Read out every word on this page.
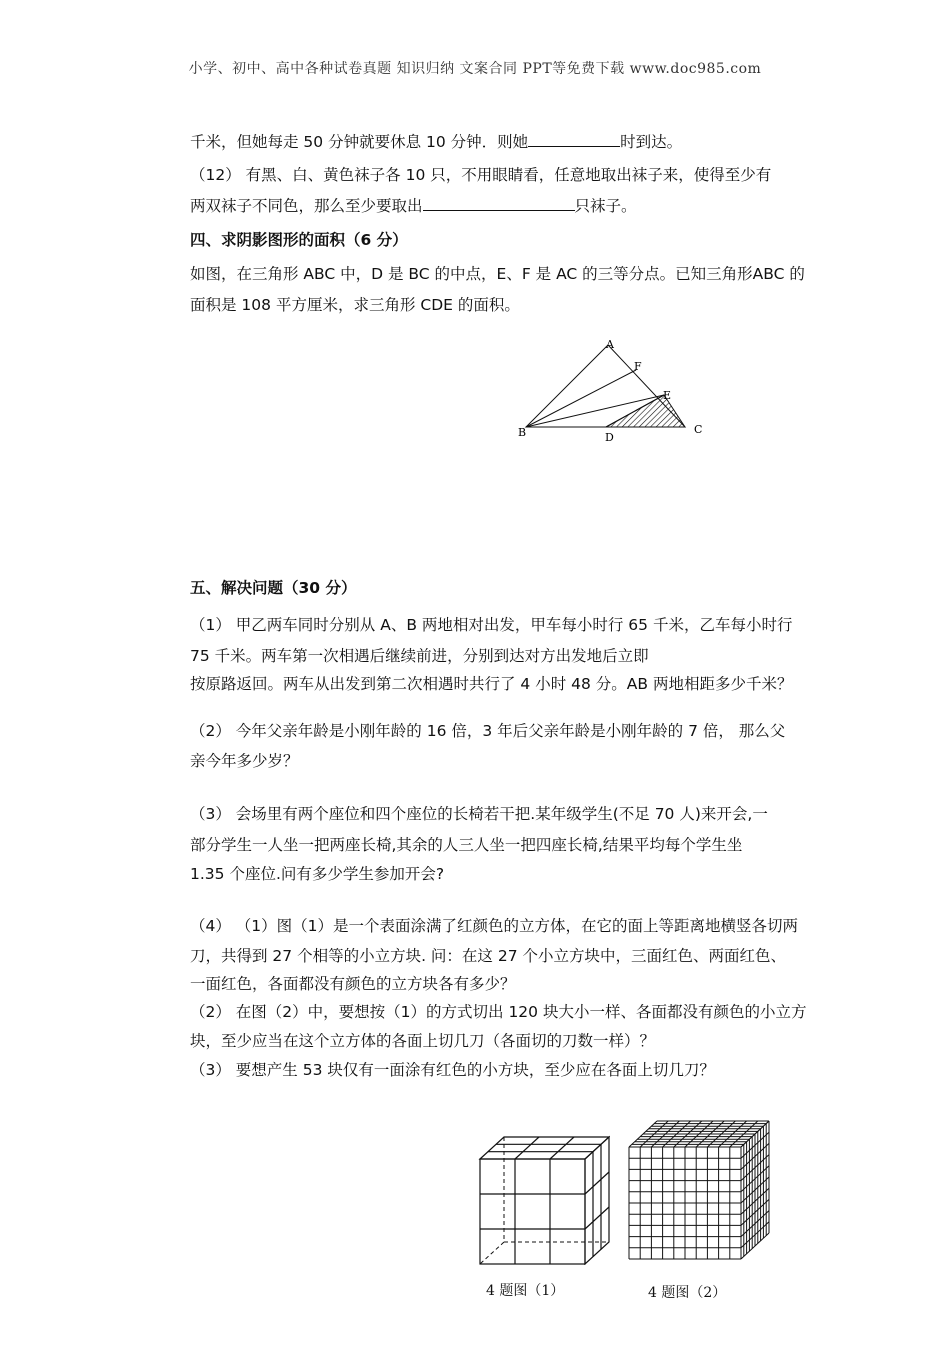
小学、初中、高中各种试卷真题 知识归纳 文案合同 PPT等免费下载 www.doc985.com
千米，但她每走 50 分钟就要休息 10 分钟．则她	时到达。
（12） 有黑、白、黄色袜子各 10 只，不用眼睛看，任意地取出袜子来，使得至少有
两双袜子不同色，那么至少要取出	只袜子。
四、求阴影图形的面积（6 分）
如图，在三角形 ABC 中，D 是 BC 的中点，E、F 是 AC 的三等分点。已知三角形ABC 的
面积是 108 平方厘米，求三角形 CDE 的面积。
A
F
E
B	D
C
五、解决问题（30 分）
（1） 甲乙两车同时分别从 A、B 两地相对出发，甲车每小时行 65 千米，乙车每小时行
75 千米。两车第一次相遇后继续前进，分别到达对方出发地后立即
按原路返回。两车从出发到第二次相遇时共行了 4 小时 48 分。AB 两地相距多少千米？
（2） 今年父亲年龄是小刚年龄的 16 倍，3 年后父亲年龄是小刚年龄的 7 倍， 那么父
亲今年多少岁？
（3） 会场里有两个座位和四个座位的长椅若干把.某年级学生(不足 70 人)来开会,一
部分学生一人坐一把两座长椅,其余的人三人坐一把四座长椅,结果平均每个学生坐
1.35 个座位.问有多少学生参加开会?
（4） （1）图（1）是一个表面涂满了红颜色的立方体，在它的面上等距离地横竖各切两
刀，共得到 27 个相等的小立方块. 问：在这 27 个小立方块中，三面红色、两面红色、
一面红色，各面都没有颜色的立方块各有多少？
（2） 在图（2）中，要想按（1）的方式切出 120 块大小一样、各面都没有颜色的小立方
块，至少应当在这个立方体的各面上切几刀（各面切的刀数一样）？
（3） 要想产生 53 块仅有一面涂有红色的小方块，至少应在各面上切几刀？
4 题图（1）	4 题图（2）
